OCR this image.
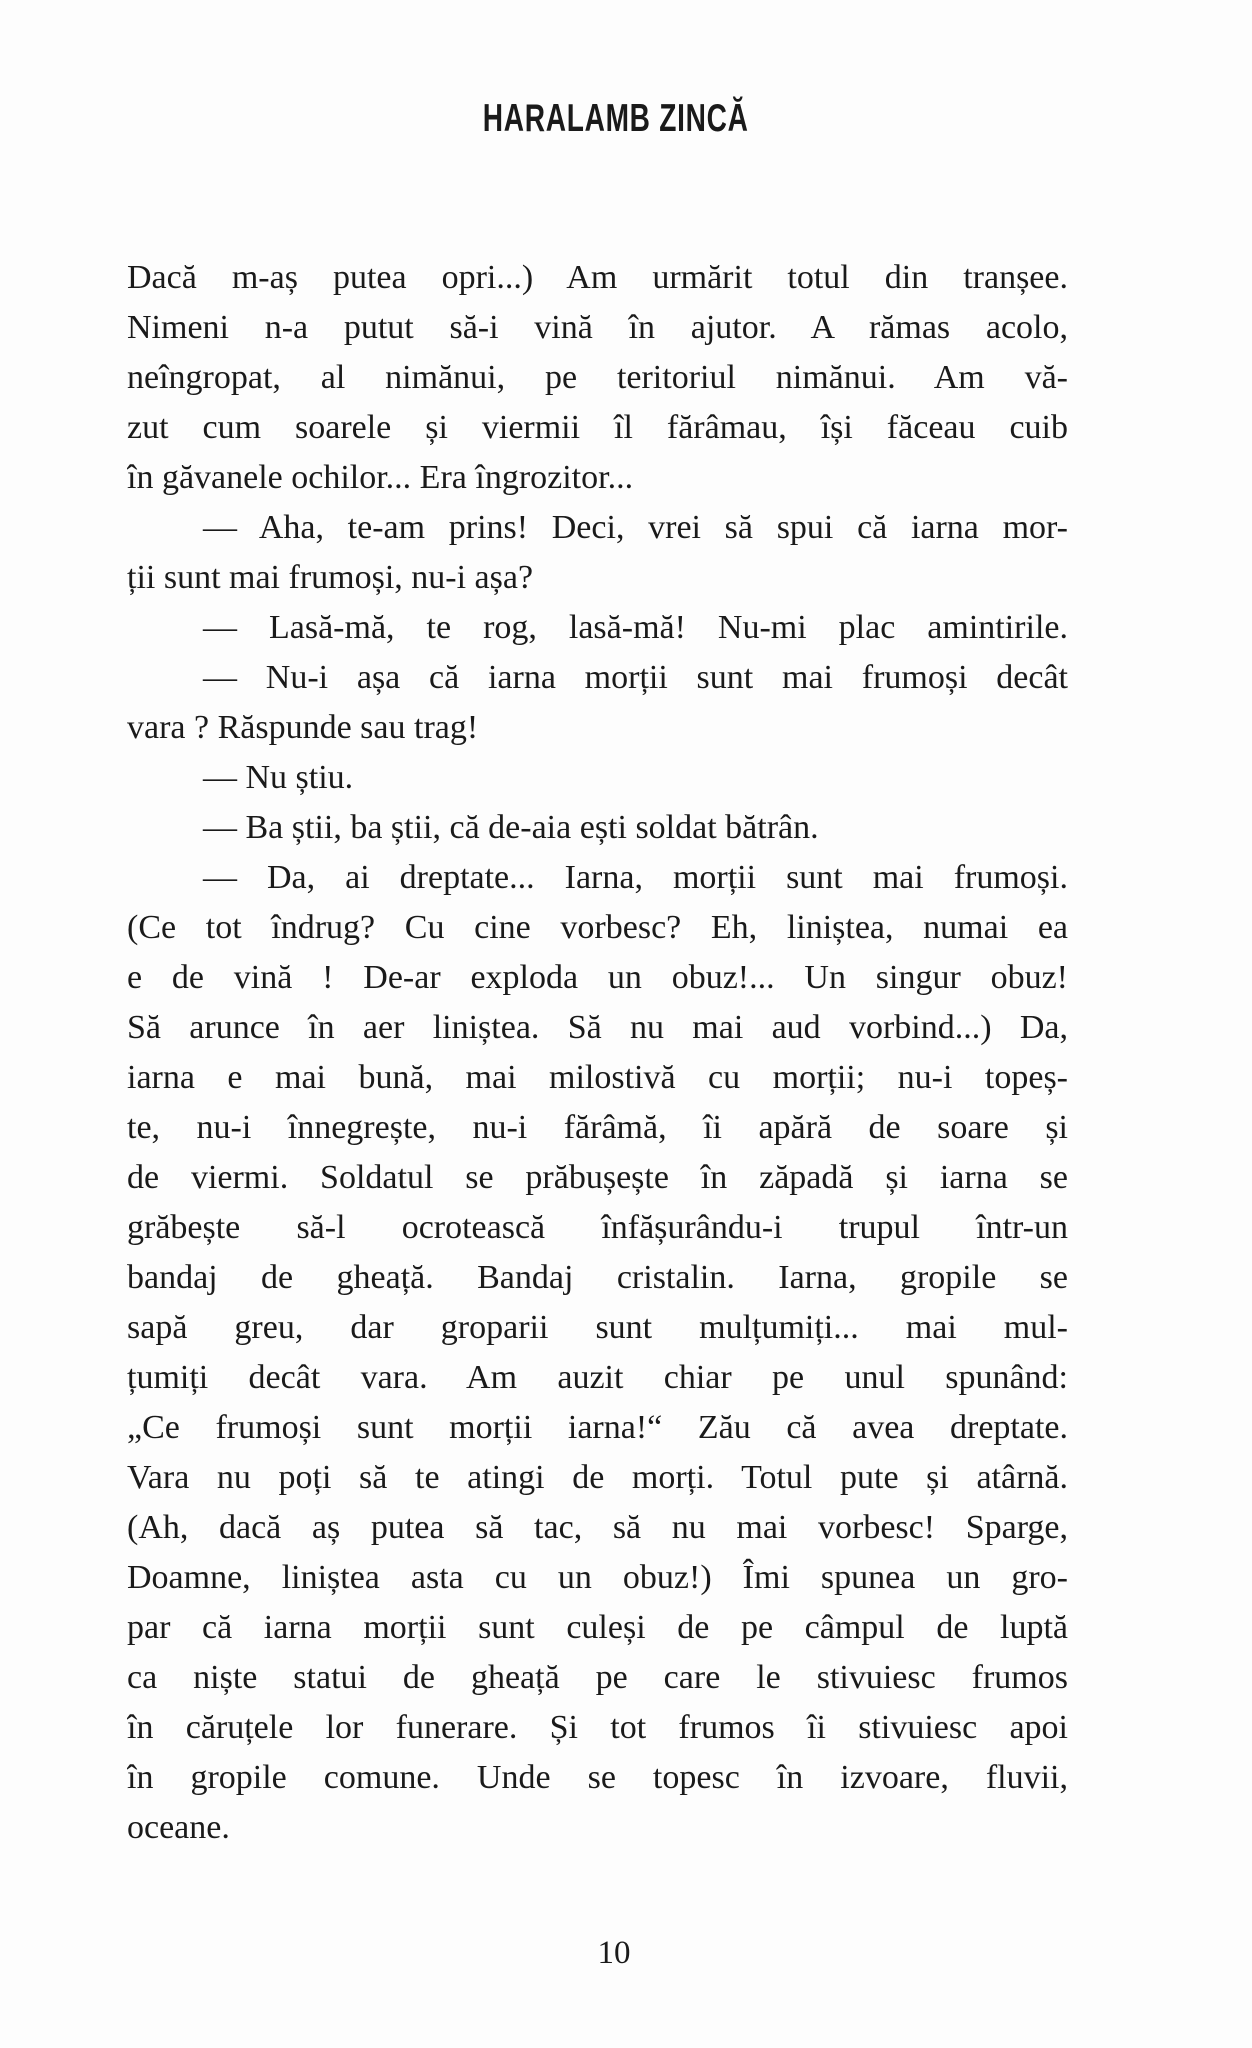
HARALAMB ZINCĂ
Dacă m-aș putea opri...) Am urmărit totul din tranșee.
Nimeni n-a putut să-i vină în ajutor. A rămas acolo,
neîngropat, al nimănui, pe teritoriul nimănui. Am vă-
zut cum soarele și viermii îl fărâmau, își făceau cuib
în găvanele ochilor... Era îngrozitor...
— Aha, te-am prins! Deci, vrei să spui că iarna mor-
ții sunt mai frumoși, nu-i așa?
— Lasă-mă, te rog, lasă-mă! Nu-mi plac amintirile.
— Nu-i așa că iarna morții sunt mai frumoși decât
vara ? Răspunde sau trag!
— Nu știu.
— Ba știi, ba știi, că de-aia ești soldat bătrân.
— Da, ai dreptate... Iarna, morții sunt mai frumoși.
(Ce tot îndrug? Cu cine vorbesc? Eh, liniștea, numai ea
e de vină ! De-ar exploda un obuz!... Un singur obuz!
Să arunce în aer liniștea. Să nu mai aud vorbind...) Da,
iarna e mai bună, mai milostivă cu morții; nu-i topeș-
te, nu-i înnegrește, nu-i fărâmă, îi apără de soare și
de viermi. Soldatul se prăbușește în zăpadă și iarna se
grăbește să-l ocrotească înfășurându-i trupul într-un
bandaj de gheață. Bandaj cristalin. Iarna, gropile se
sapă greu, dar groparii sunt mulțumiți... mai mul-
țumiți decât vara. Am auzit chiar pe unul spunând:
„Ce frumoși sunt morții iarna!“ Zău că avea dreptate.
Vara nu poți să te atingi de morți. Totul pute și atârnă.
(Ah, dacă aș putea să tac, să nu mai vorbesc! Sparge,
Doamne, liniștea asta cu un obuz!) Îmi spunea un gro-
par că iarna morții sunt culeși de pe câmpul de luptă
ca niște statui de gheață pe care le stivuiesc frumos
în căruțele lor funerare. Și tot frumos îi stivuiesc apoi
în gropile comune. Unde se topesc în izvoare, fluvii,
oceane.
10
